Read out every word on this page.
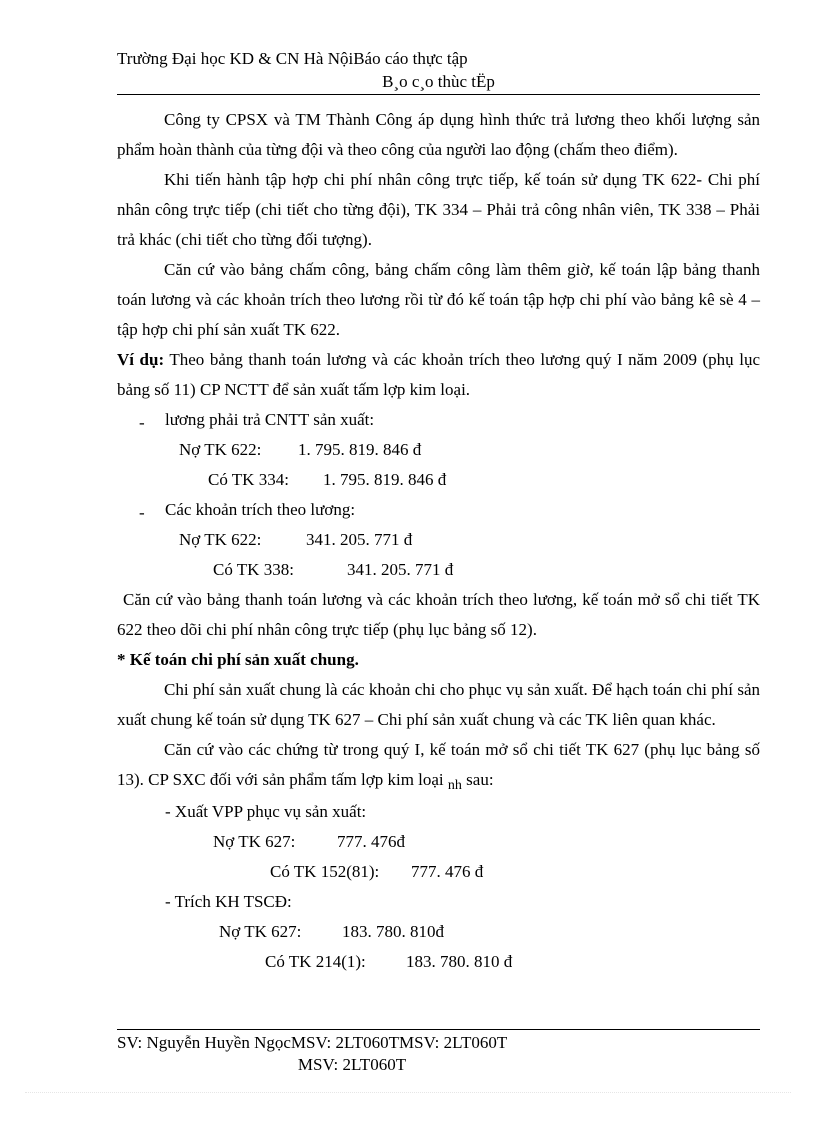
Trường Đại học KD & CN Hà NộiBáo cáo thực tập
B¸o c¸o thùc tËp

Công ty CPSX và TM Thành Công áp dụng hình thức trả lương theo khối lượng sản phẩm hoàn thành của từng đội và theo công của người lao động (chấm theo điểm).

Khi tiến hành tập hợp chi phí nhân công trực tiếp, kế toán sử dụng TK 622- Chi phí nhân công trực tiếp (chi tiết cho từng đội), TK 334 – Phải trả công nhân viên, TK 338 – Phải trả khác (chi tiết cho từng đối tượng).

Căn cứ vào bảng chấm công, bảng chấm công làm thêm giờ, kế toán lập bảng thanh toán lương và các khoản trích theo lương rồi từ đó kế toán tập hợp chi phí vào bảng kê sè 4 – tập hợp chi phí sản xuất TK 622.

Ví dụ: Theo bảng thanh toán lương và các khoản trích theo lương quý I năm 2009 (phụ lục bảng số 11) CP NCTT để sản xuất tấm lợp kim loại.

- lương phải trả CNTT sản xuất:
Nợ TK 622: 1. 795. 819. 846 đ
Có TK 334: 1. 795. 819. 846 đ
- Các khoản trích theo lương:
Nợ TK 622:	341. 205. 771 đ
Có TK 338:	341. 205. 771 đ

Căn cứ vào bảng thanh toán lương và các khoản trích theo lương, kế toán mở sổ chi tiết TK 622 theo dõi chi phí nhân công trực tiếp (phụ lục bảng số 12).

* Kế toán chi phí sản xuất chung.

Chi phí sản xuất chung là các khoản chi cho phục vụ sản xuất. Để hạch toán chi phí sản xuất chung kế toán sử dụng TK 627 – Chi phí sản xuất chung và các TK liên quan khác.

Căn cứ vào các chứng từ trong quý I, kế toán mở sổ chi tiết TK 627 (phụ lục bảng số 13). CP SXC đối với sản phẩm tấm lợp kim loại $_{nh}$ sau:

- Xuất VPP phục vụ sản xuất:
Nợ TK 627: 777. 476đ
Có TK 152(81): 777. 476 đ
- Trích KH TSCĐ:
Nợ TK 627: 183. 780. 810đ
Có TK 214(1): 183. 780. 810 đ
SV: Nguyễn Huyền NgọcMSV: 2LT060TMSV: 2LT060T
MSV: 2LT060T
